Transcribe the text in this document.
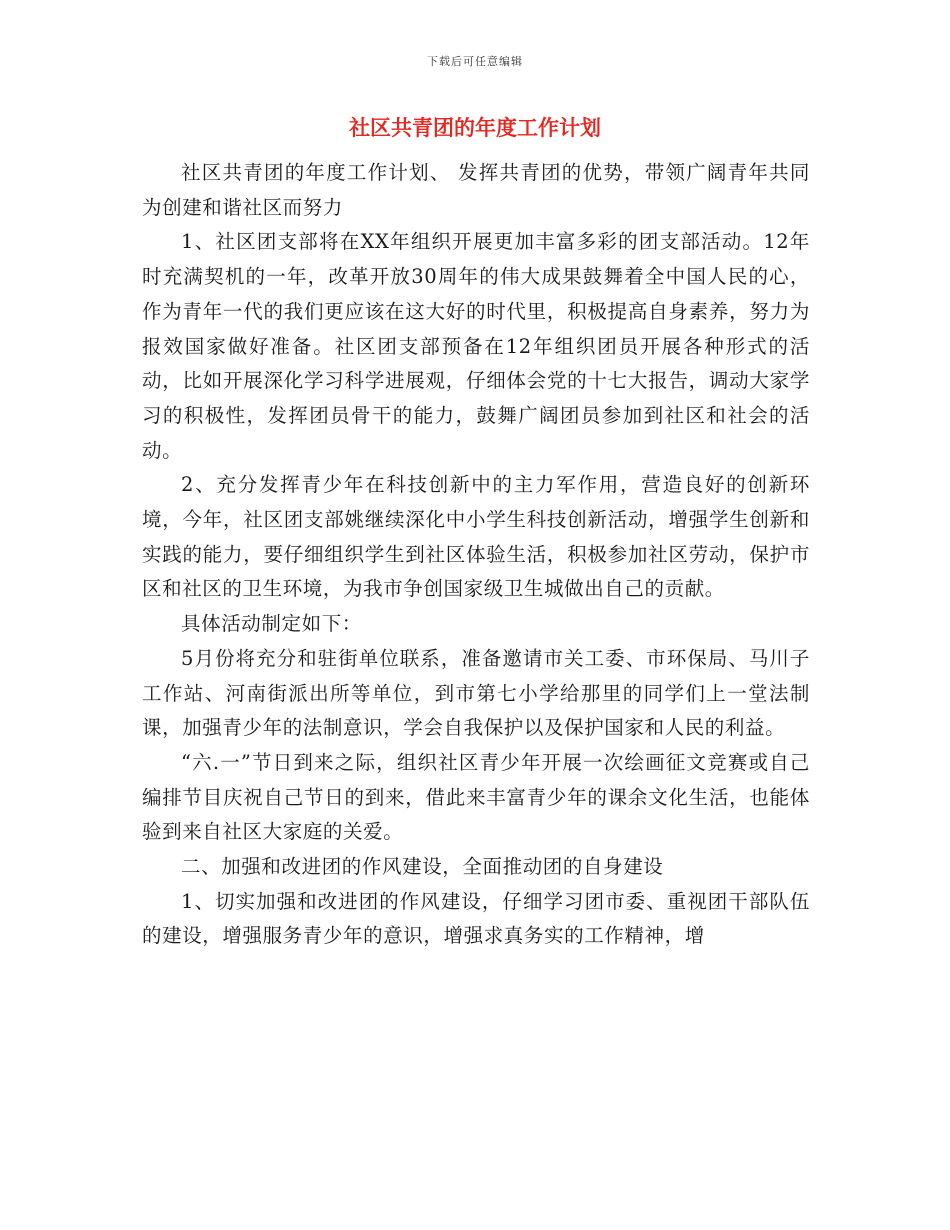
下载后可任意编辑
社区共青团的年度工作计划

社区共青团的年度工作计划、 发挥共青团的优势，带领广阔青年共同为创建和谐社区而努力

1、社区团支部将在XX年组织开展更加丰富多彩的团支部活动。12年时充满契机的一年，改革开放30周年的伟大成果鼓舞着全中国人民的心，作为青年一代的我们更应该在这大好的时代里，积极提高自身素养，努力为报效国家做好准备。社区团支部预备在12年组织团员开展各种形式的活动，比如开展深化学习科学进展观，仔细体会党的十七大报告，调动大家学习的积极性，发挥团员骨干的能力，鼓舞广阔团员参加到社区和社会的活动。

2、充分发挥青少年在科技创新中的主力军作用，营造良好的创新环境，今年，社区团支部姚继续深化中小学生科技创新活动，增强学生创新和实践的能力，要仔细组织学生到社区体验生活，积极参加社区劳动，保护市区和社区的卫生环境，为我市争创国家级卫生城做出自己的贡献。

具体活动制定如下：

5月份将充分和驻街单位联系，准备邀请市关工委、市环保局、马川子工作站、河南街派出所等单位，到市第七小学给那里的同学们上一堂法制课，加强青少年的法制意识，学会自我保护以及保护国家和人民的利益。

“六.一”节日到来之际，组织社区青少年开展一次绘画征文竞赛或自己编排节目庆祝自己节日的到来，借此来丰富青少年的课余文化生活，也能体验到来自社区大家庭的关爱。

二、加强和改进团的作风建设，全面推动团的自身建设

1、切实加强和改进团的作风建设，仔细学习团市委、重视团干部队伍的建设，增强服务青少年的意识，增强求真务实的工作精神，增
